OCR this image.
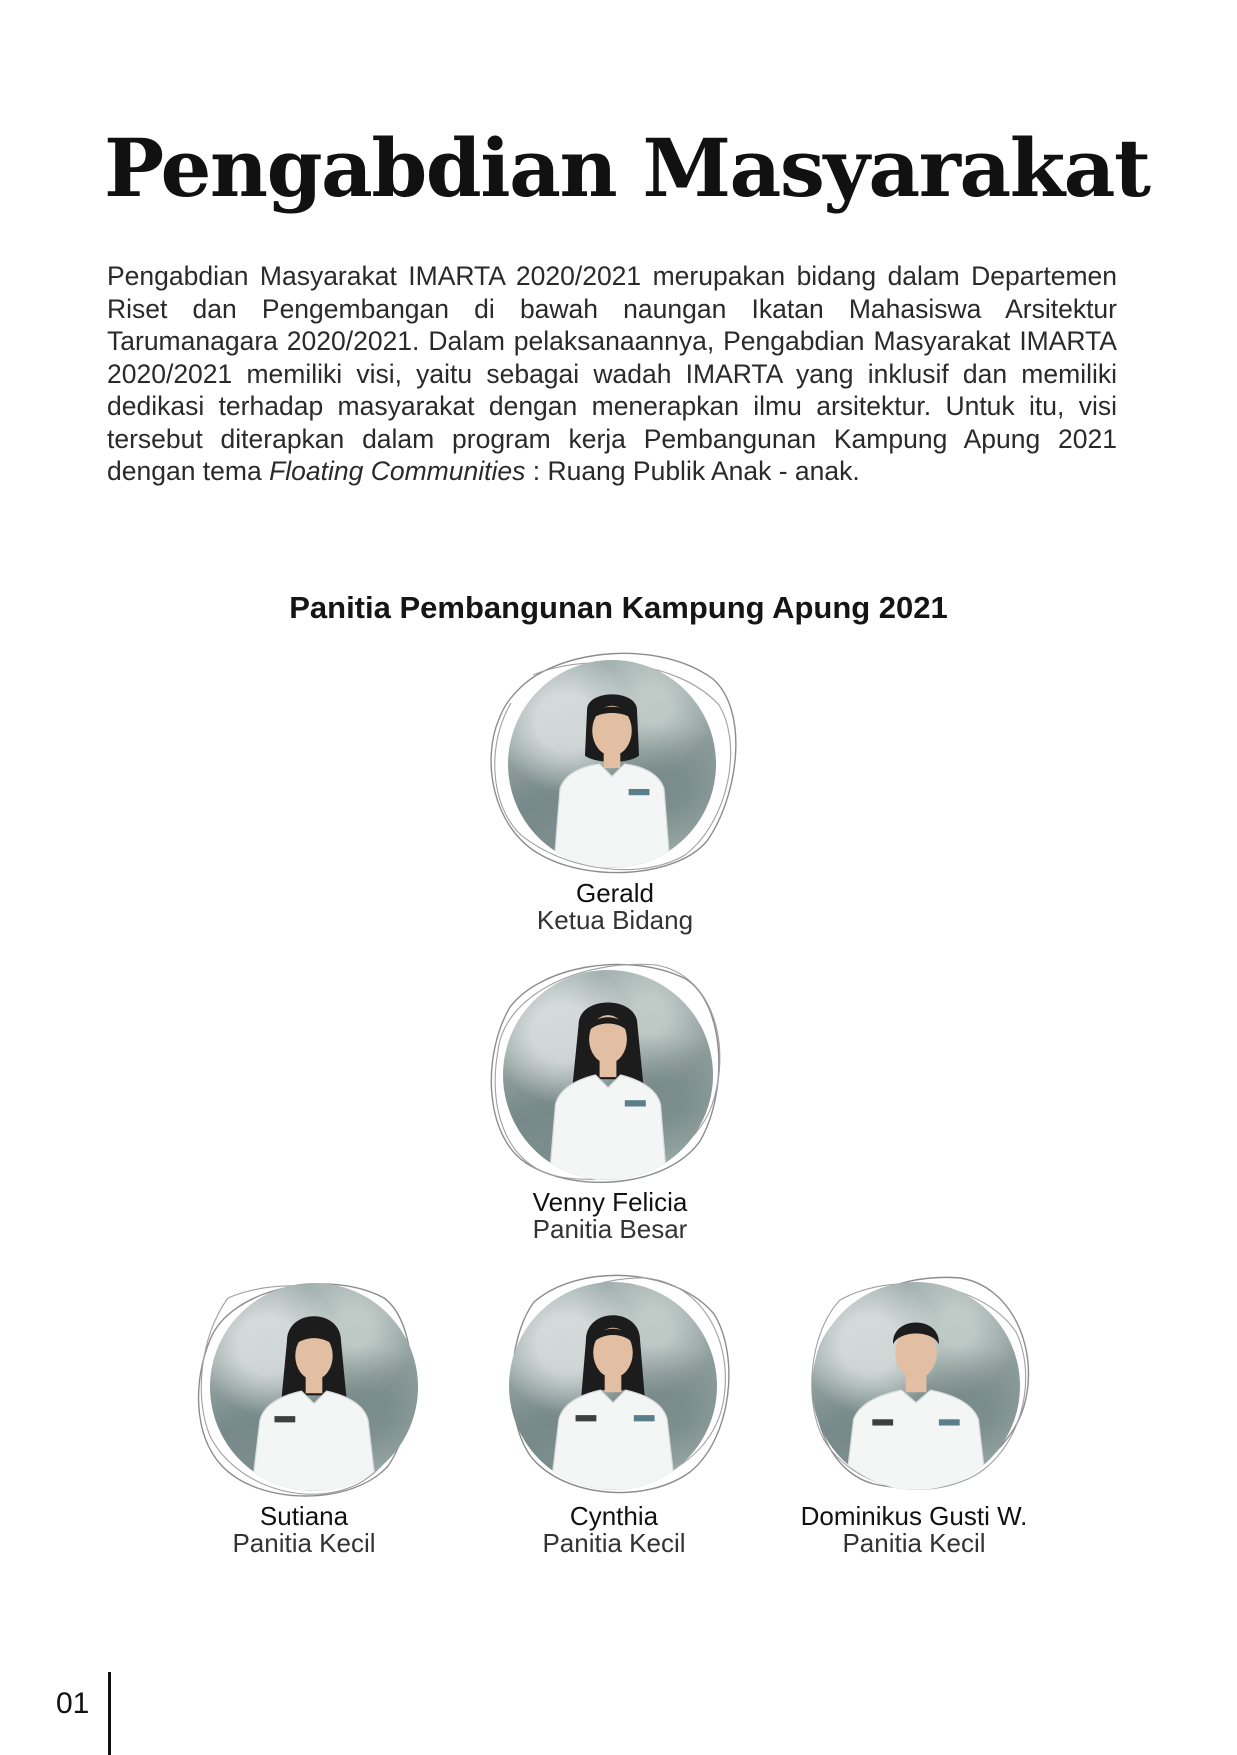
Pengabdian Masyarakat

Pengabdian Masyarakat IMARTA 2020/2021 merupakan bidang dalam Departemen Riset dan Pengembangan di bawah naungan Ikatan Mahasiswa Arsitektur Tarumanagara 2020/2021. Dalam pelaksanaannya, Pengabdian Masyarakat IMARTA 2020/2021 memiliki visi, yaitu sebagai wadah IMARTA yang inklusif dan memiliki dedikasi terhadap masyarakat dengan menerapkan ilmu arsitektur. Untuk itu, visi tersebut diterapkan dalam program kerja Pembangunan Kampung Apung 2021 dengan tema Floating Communities : Ruang Publik Anak - anak.

Panitia Pembangunan Kampung Apung 2021
Gerald
Ketua Bidang
Venny Felicia
Panitia Besar
Sutiana
Panitia Kecil
Cynthia
Panitia Kecil
Dominikus Gusti W.
Panitia Kecil
01
